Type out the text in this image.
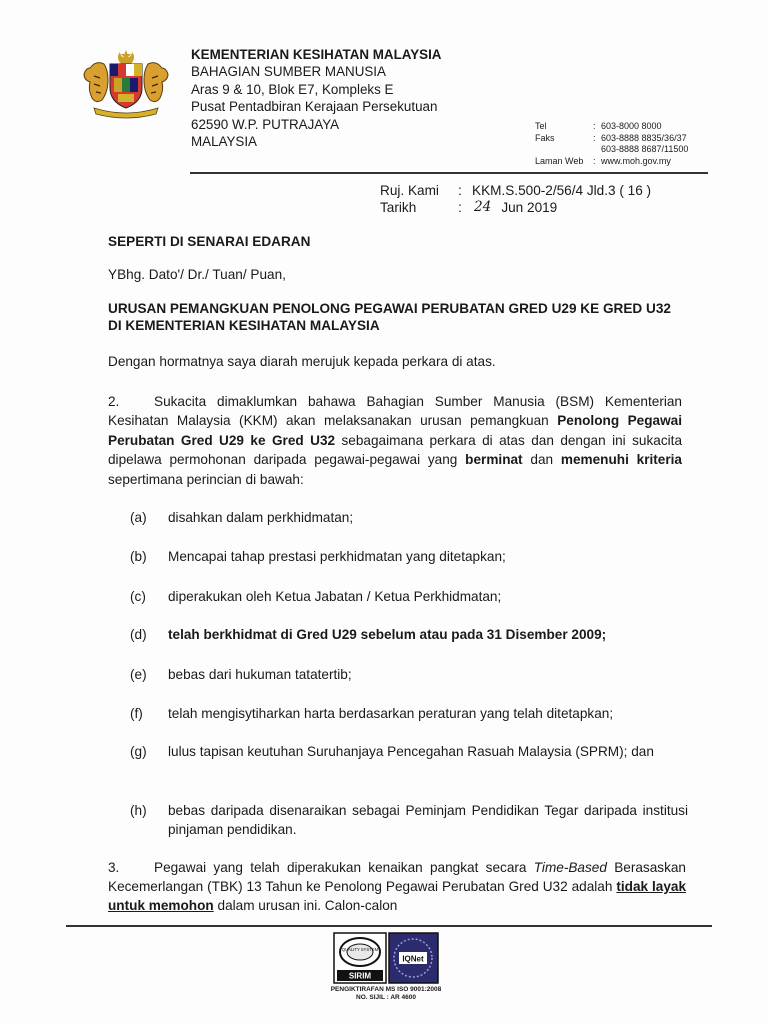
KEMENTERIAN KESIHATAN MALAYSIA
BAHAGIAN SUMBER MANUSIA
Aras 9 & 10, Blok E7, Kompleks E
Pusat Pentadbiran Kerajaan Persekutuan
62590 W.P. PUTRAJAYA
MALAYSIA
Tel	: 603-8000 8000
Faks	: 603-8888 8835/36/37
603-8888 8687/11500
Laman Web	: www.moh.gov.my
Ruj. Kami	: KKM.S.500-2/56/4 Jld.3 ( 16 )
Tarikh	: 24 Jun 2019
SEPERTI DI SENARAI EDARAN
YBhg. Dato'/ Dr./ Tuan/ Puan,
URUSAN PEMANGKUAN PENOLONG PEGAWAI PERUBATAN GRED U29 KE GRED U32 DI KEMENTERIAN KESIHATAN MALAYSIA
Dengan hormatnya saya diarah merujuk kepada perkara di atas.
2.	Sukacita dimaklumkan bahawa Bahagian Sumber Manusia (BSM) Kementerian Kesihatan Malaysia (KKM) akan melaksanakan urusan pemangkuan Penolong Pegawai Perubatan Gred U29 ke Gred U32 sebagaimana perkara di atas dan dengan ini sukacita dipelawa permohonan daripada pegawai-pegawai yang berminat dan memenuhi kriteria sepertimana perincian di bawah:
(a)	disahkan dalam perkhidmatan;
(b)	Mencapai tahap prestasi perkhidmatan yang ditetapkan;
(c)	diperakukan oleh Ketua Jabatan / Ketua Perkhidmatan;
(d)	telah berkhidmat di Gred U29 sebelum atau pada 31 Disember 2009;
(e)	bebas dari hukuman tatatertib;
(f)	telah mengisytiharkan harta berdasarkan peraturan yang telah ditetapkan;
(g)	lulus tapisan keutuhan Suruhanjaya Pencegahan Rasuah Malaysia (SPRM); dan
(h)	bebas daripada disenaraikan sebagai Peminjam Pendidikan Tegar daripada institusi pinjaman pendidikan.
3.	Pegawai yang telah diperakukan kenaikan pangkat secara Time-Based Berasaskan Kecemerlangan (TBK) 13 Tahun ke Penolong Pegawai Perubatan Gred U32 adalah tidak layak untuk memohon dalam urusan ini. Calon-calon
QUALITY SYSTEM
SIRIM
IQNet
PENGIKTIRAFAN MS ISO 9001:2008
NO. SIJIL : AR 4600
